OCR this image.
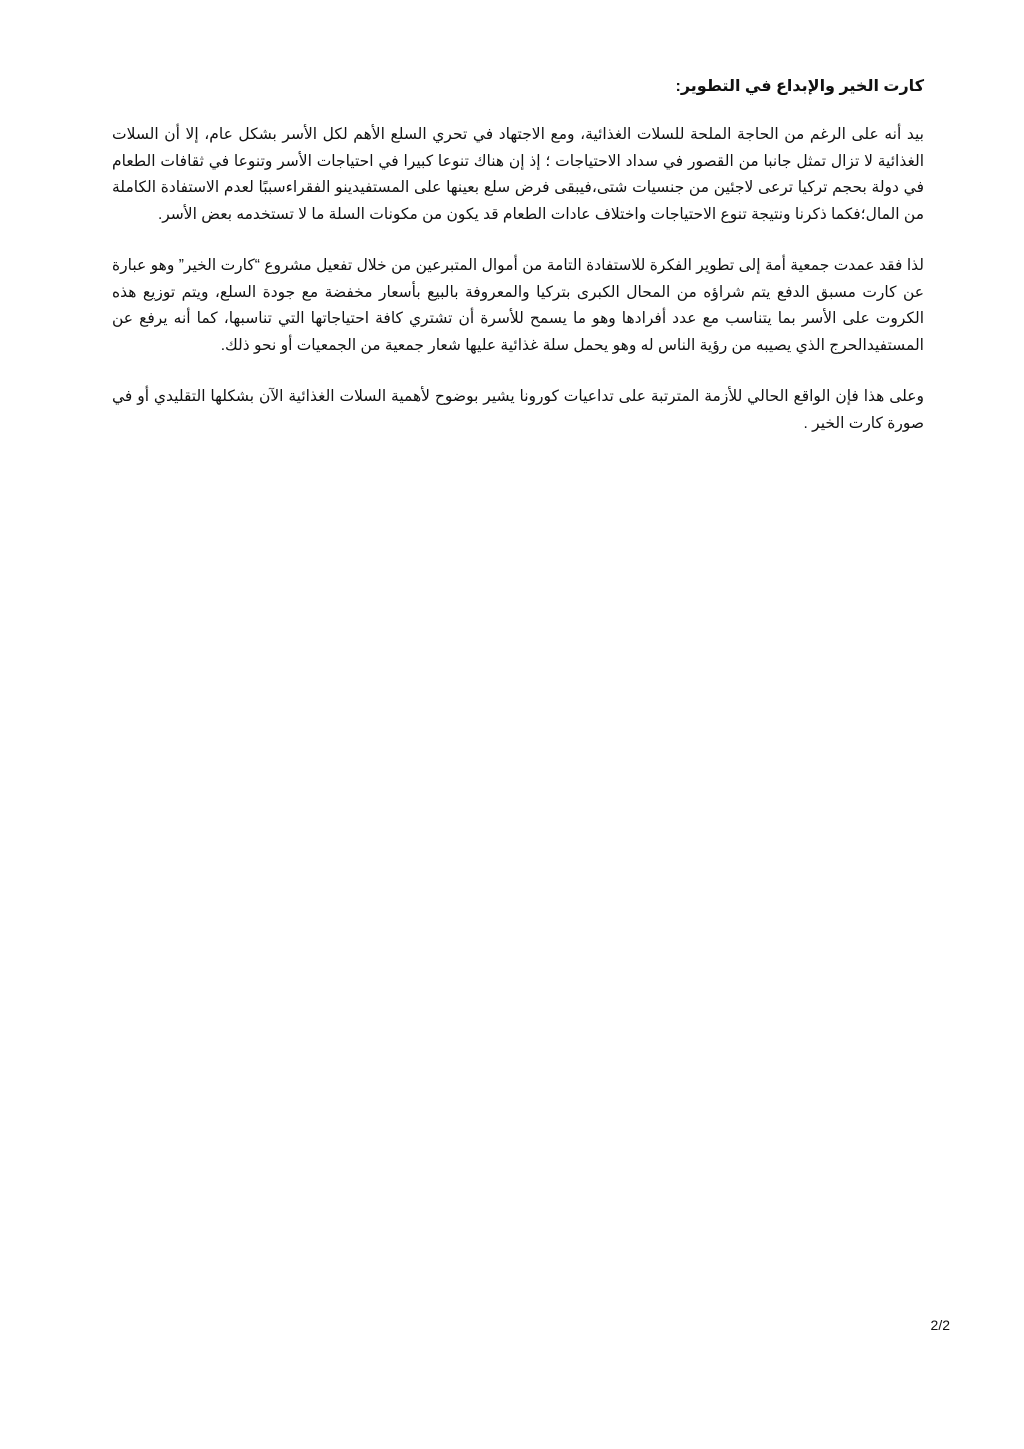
كارت الخير والإبداع في التطوير:

بيد أنه على الرغم من الحاجة الملحة للسلات الغذائية، ومع الاجتهاد في تحري السلع الأهم لكل الأسر بشكل عام، إلا أن السلات الغذائية لا تزال تمثل جانبا من القصور في سداد الاحتياجات ؛ إذ إن هناك تنوعا كبيرا في احتياجات الأسر وتنوعا في ثقافات الطعام في دولة بحجم تركيا ترعى لاجئين من جنسيات شتى،فيبقى فرض سلع بعينها على المستفيدينو الفقراءسببًا لعدم الاستفادة الكاملة من المال؛فكما ذكرنا ونتيجة تنوع الاحتياجات واختلاف عادات الطعام قد يكون من مكونات السلة ما لا تستخدمه بعض الأسر.

لذا فقد عمدت جمعية أمة إلى تطوير الفكرة للاستفادة التامة من أموال المتبرعين من خلال تفعيل مشروع “كارت الخير” وهو عبارة عن كارت مسبق الدفع يتم شراؤه من المحال الكبرى بتركيا والمعروفة بالبيع بأسعار مخفضة مع جودة السلع، ويتم توزيع هذه الكروت على الأسر بما يتناسب مع عدد أفرادها وهو ما يسمح للأسرة أن تشتري كافة احتياجاتها التي تناسبها، كما أنه يرفع عن المستفيدالحرج الذي يصيبه من رؤية الناس له وهو يحمل سلة غذائية عليها شعار جمعية من الجمعيات أو نحو ذلك.

وعلى هذا فإن الواقع الحالي للأزمة المترتبة على تداعيات كورونا يشير بوضوح لأهمية السلات الغذائية الآن بشكلها التقليدي أو في صورة كارت الخير .

2/2
